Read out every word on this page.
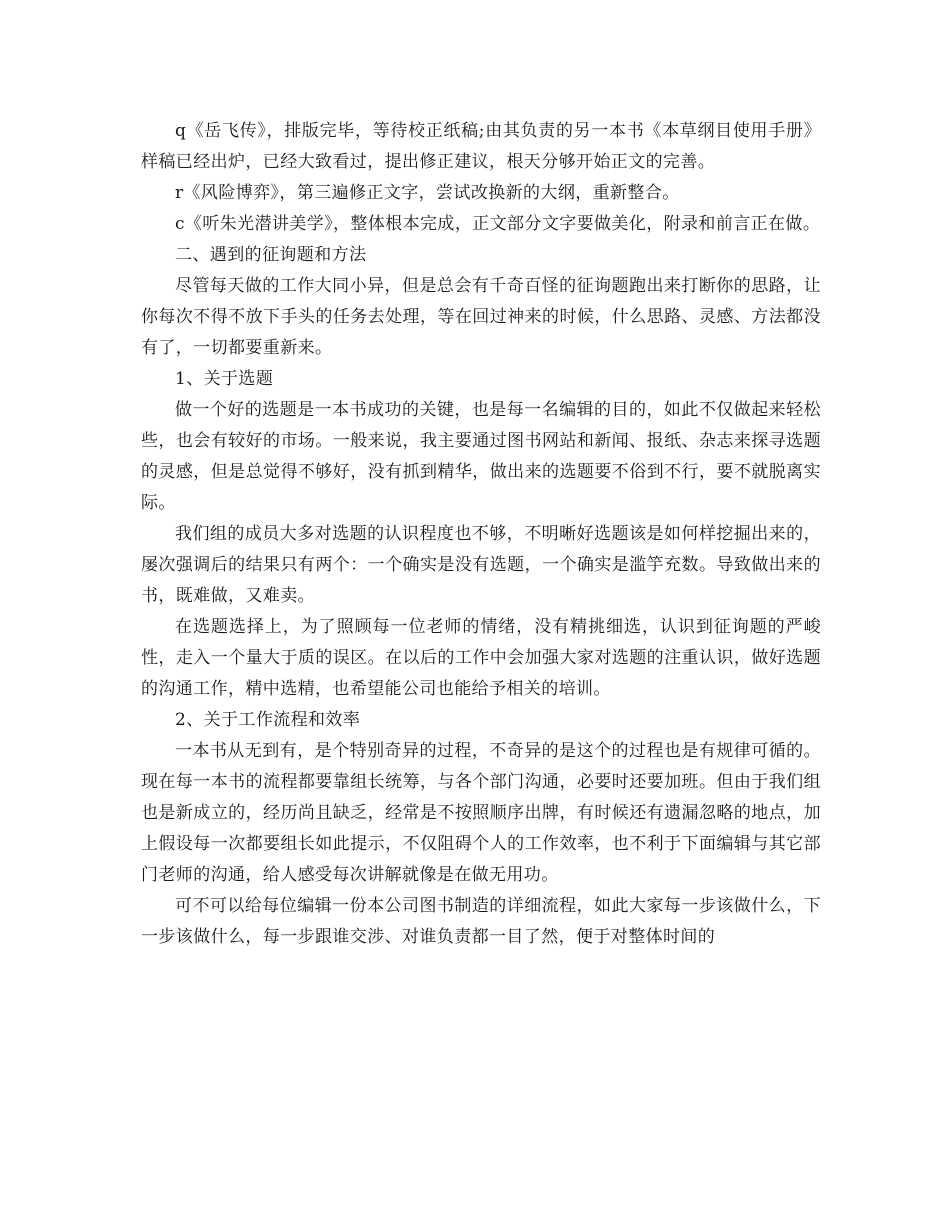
q《岳飞传》，排版完毕，等待校正纸稿;由其负责的另一本书《本草纲目使用手册》样稿已经出炉，已经大致看过，提出修正建议，根天分够开始正文的完善。

r《风险博弈》，第三遍修正文字，尝试改换新的大纲，重新整合。

c《听朱光潜讲美学》，整体根本完成，正文部分文字要做美化，附录和前言正在做。

二、遇到的征询题和方法

尽管每天做的工作大同小异，但是总会有千奇百怪的征询题跑出来打断你的思路，让你每次不得不放下手头的任务去处理，等在回过神来的时候，什么思路、灵感、方法都没有了，一切都要重新来。

1、关于选题

做一个好的选题是一本书成功的关键，也是每一名编辑的目的，如此不仅做起来轻松些，也会有较好的市场。一般来说，我主要通过图书网站和新闻、报纸、杂志来探寻选题的灵感，但是总觉得不够好，没有抓到精华，做出来的选题要不俗到不行，要不就脱离实际。

我们组的成员大多对选题的认识程度也不够，不明晰好选题该是如何样挖掘出来的，屡次强调后的结果只有两个：一个确实是没有选题，一个确实是滥竽充数。导致做出来的书，既难做，又难卖。

在选题选择上，为了照顾每一位老师的情绪，没有精挑细选，认识到征询题的严峻性，走入一个量大于质的误区。在以后的工作中会加强大家对选题的注重认识，做好选题的沟通工作，精中选精，也希望能公司也能给予相关的培训。

2、关于工作流程和效率

一本书从无到有，是个特别奇异的过程，不奇异的是这个的过程也是有规律可循的。现在每一本书的流程都要靠组长统筹，与各个部门沟通，必要时还要加班。但由于我们组也是新成立的，经历尚且缺乏，经常是不按照顺序出牌，有时候还有遗漏忽略的地点，加上假设每一次都要组长如此提示，不仅阻碍个人的工作效率，也不利于下面编辑与其它部门老师的沟通，给人感受每次讲解就像是在做无用功。

可不可以给每位编辑一份本公司图书制造的详细流程，如此大家每一步该做什么，下一步该做什么，每一步跟谁交涉、对谁负责都一目了然，便于对整体时间的
